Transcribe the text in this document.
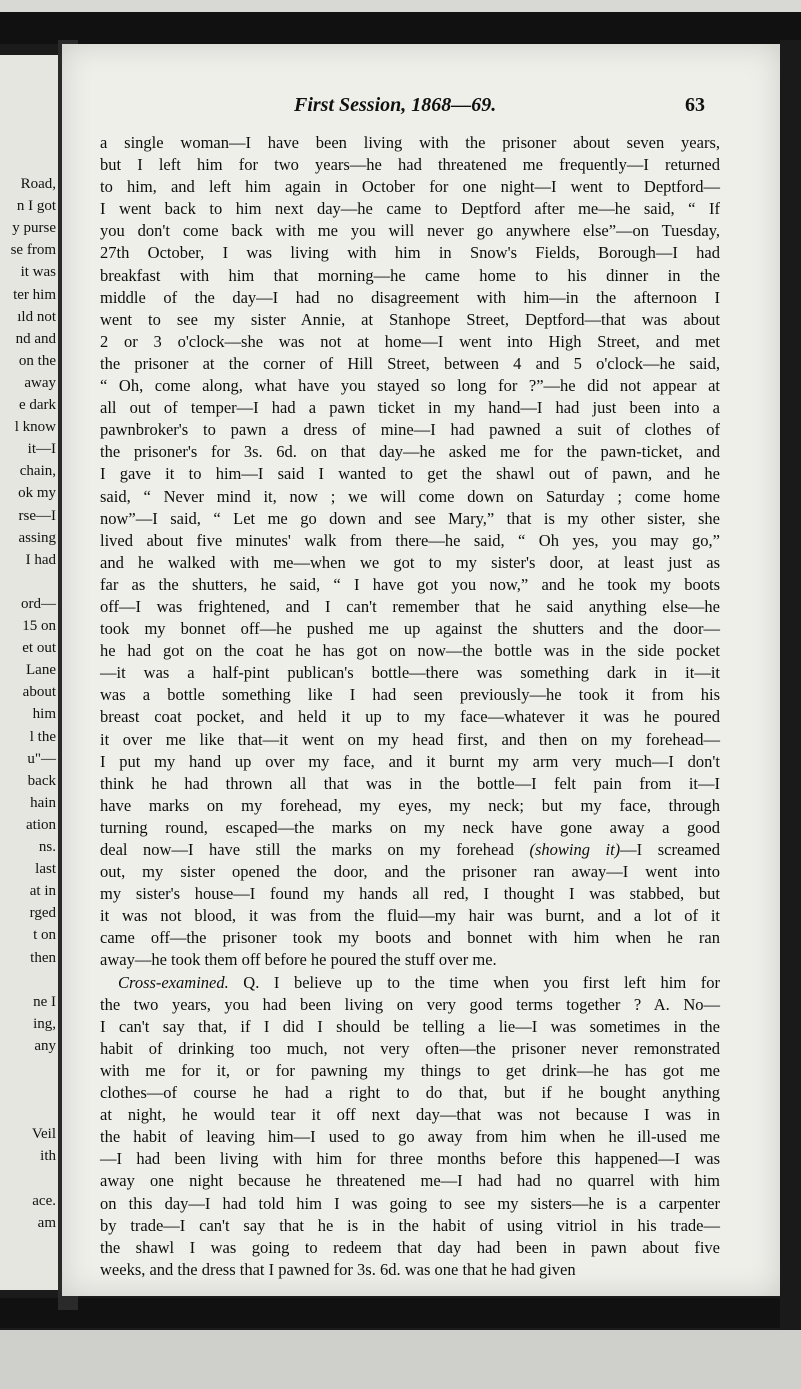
Road,
n I got
y purse
se from
it was
ter him
ıld not
nd and
on the
away
e dark
l know
it—I
chain,
ok my
rse—I
assing
I had
ord—
15 on
et out
Lane
about
him
l the
u"—
back
hain
ation
ns.
last
at in
rged
t on
then
ne I
ing,
any
Veil
ith
ace.
am
First Session, 1868—69.	63
a single woman—I have been living with the prisoner about seven years,
but I left him for two years—he had threatened me frequently—I returned
to him, and left him again in October for one night—I went to Deptford—
I went back to him next day—he came to Deptford after me—he said, “ If
you don't come back with me you will never go anywhere else”—on Tuesday,
27th October, I was living with him in Snow's Fields, Borough—I had
breakfast with him that morning—he came home to his dinner in the
middle of the day—I had no disagreement with him—in the afternoon I
went to see my sister Annie, at Stanhope Street, Deptford—that was about
2 or 3 o'clock—she was not at home—I went into High Street, and met
the prisoner at the corner of Hill Street, between 4 and 5 o'clock—he said,
“ Oh, come along, what have you stayed so long for ?”—he did not appear at
all out of temper—I had a pawn ticket in my hand—I had just been into a
pawnbroker's to pawn a dress of mine—I had pawned a suit of clothes of
the prisoner's for 3s. 6d. on that day—he asked me for the pawn-ticket, and
I gave it to him—I said I wanted to get the shawl out of pawn, and he
said, “ Never mind it, now ; we will come down on Saturday ; come home
now”—I said, “ Let me go down and see Mary,” that is my other sister, she
lived about five minutes' walk from there—he said, “ Oh yes, you may go,”
and he walked with me—when we got to my sister's door, at least just as
far as the shutters, he said, “ I have got you now,” and he took my boots
off—I was frightened, and I can't remember that he said anything else—he
took my bonnet off—he pushed me up against the shutters and the door—
he had got on the coat he has got on now—the bottle was in the side pocket
—it was a half-pint publican's bottle—there was something dark in it—it
was a bottle something like I had seen previously—he took it from his
breast coat pocket, and held it up to my face—whatever it was he poured
it over me like that—it went on my head first, and then on my forehead—
I put my hand up over my face, and it burnt my arm very much—I don't
think he had thrown all that was in the bottle—I felt pain from it—I
have marks on my forehead, my eyes, my neck; but my face, through
turning round, escaped—the marks on my neck have gone away a good
deal now—I have still the marks on my forehead (showing it)—I screamed
out, my sister opened the door, and the prisoner ran away—I went into
my sister's house—I found my hands all red, I thought I was stabbed, but
it was not blood, it was from the fluid—my hair was burnt, and a lot of it
came off—the prisoner took my boots and bonnet with him when he ran
away—he took them off before he poured the stuff over me.
Cross-examined. Q. I believe up to the time when you first left him for
the two years, you had been living on very good terms together ? A. No—
I can't say that, if I did I should be telling a lie—I was sometimes in the
habit of drinking too much, not very often—the prisoner never remonstrated
with me for it, or for pawning my things to get drink—he has got me
clothes—of course he had a right to do that, but if he bought anything
at night, he would tear it off next day—that was not because I was in
the habit of leaving him—I used to go away from him when he ill-used me
—I had been living with him for three months before this happened—I was
away one night because he threatened me—I had had no quarrel with him
on this day—I had told him I was going to see my sisters—he is a carpenter
by trade—I can't say that he is in the habit of using vitriol in his trade—
the shawl I was going to redeem that day had been in pawn about five
weeks, and the dress that I pawned for 3s. 6d. was one that he had given
